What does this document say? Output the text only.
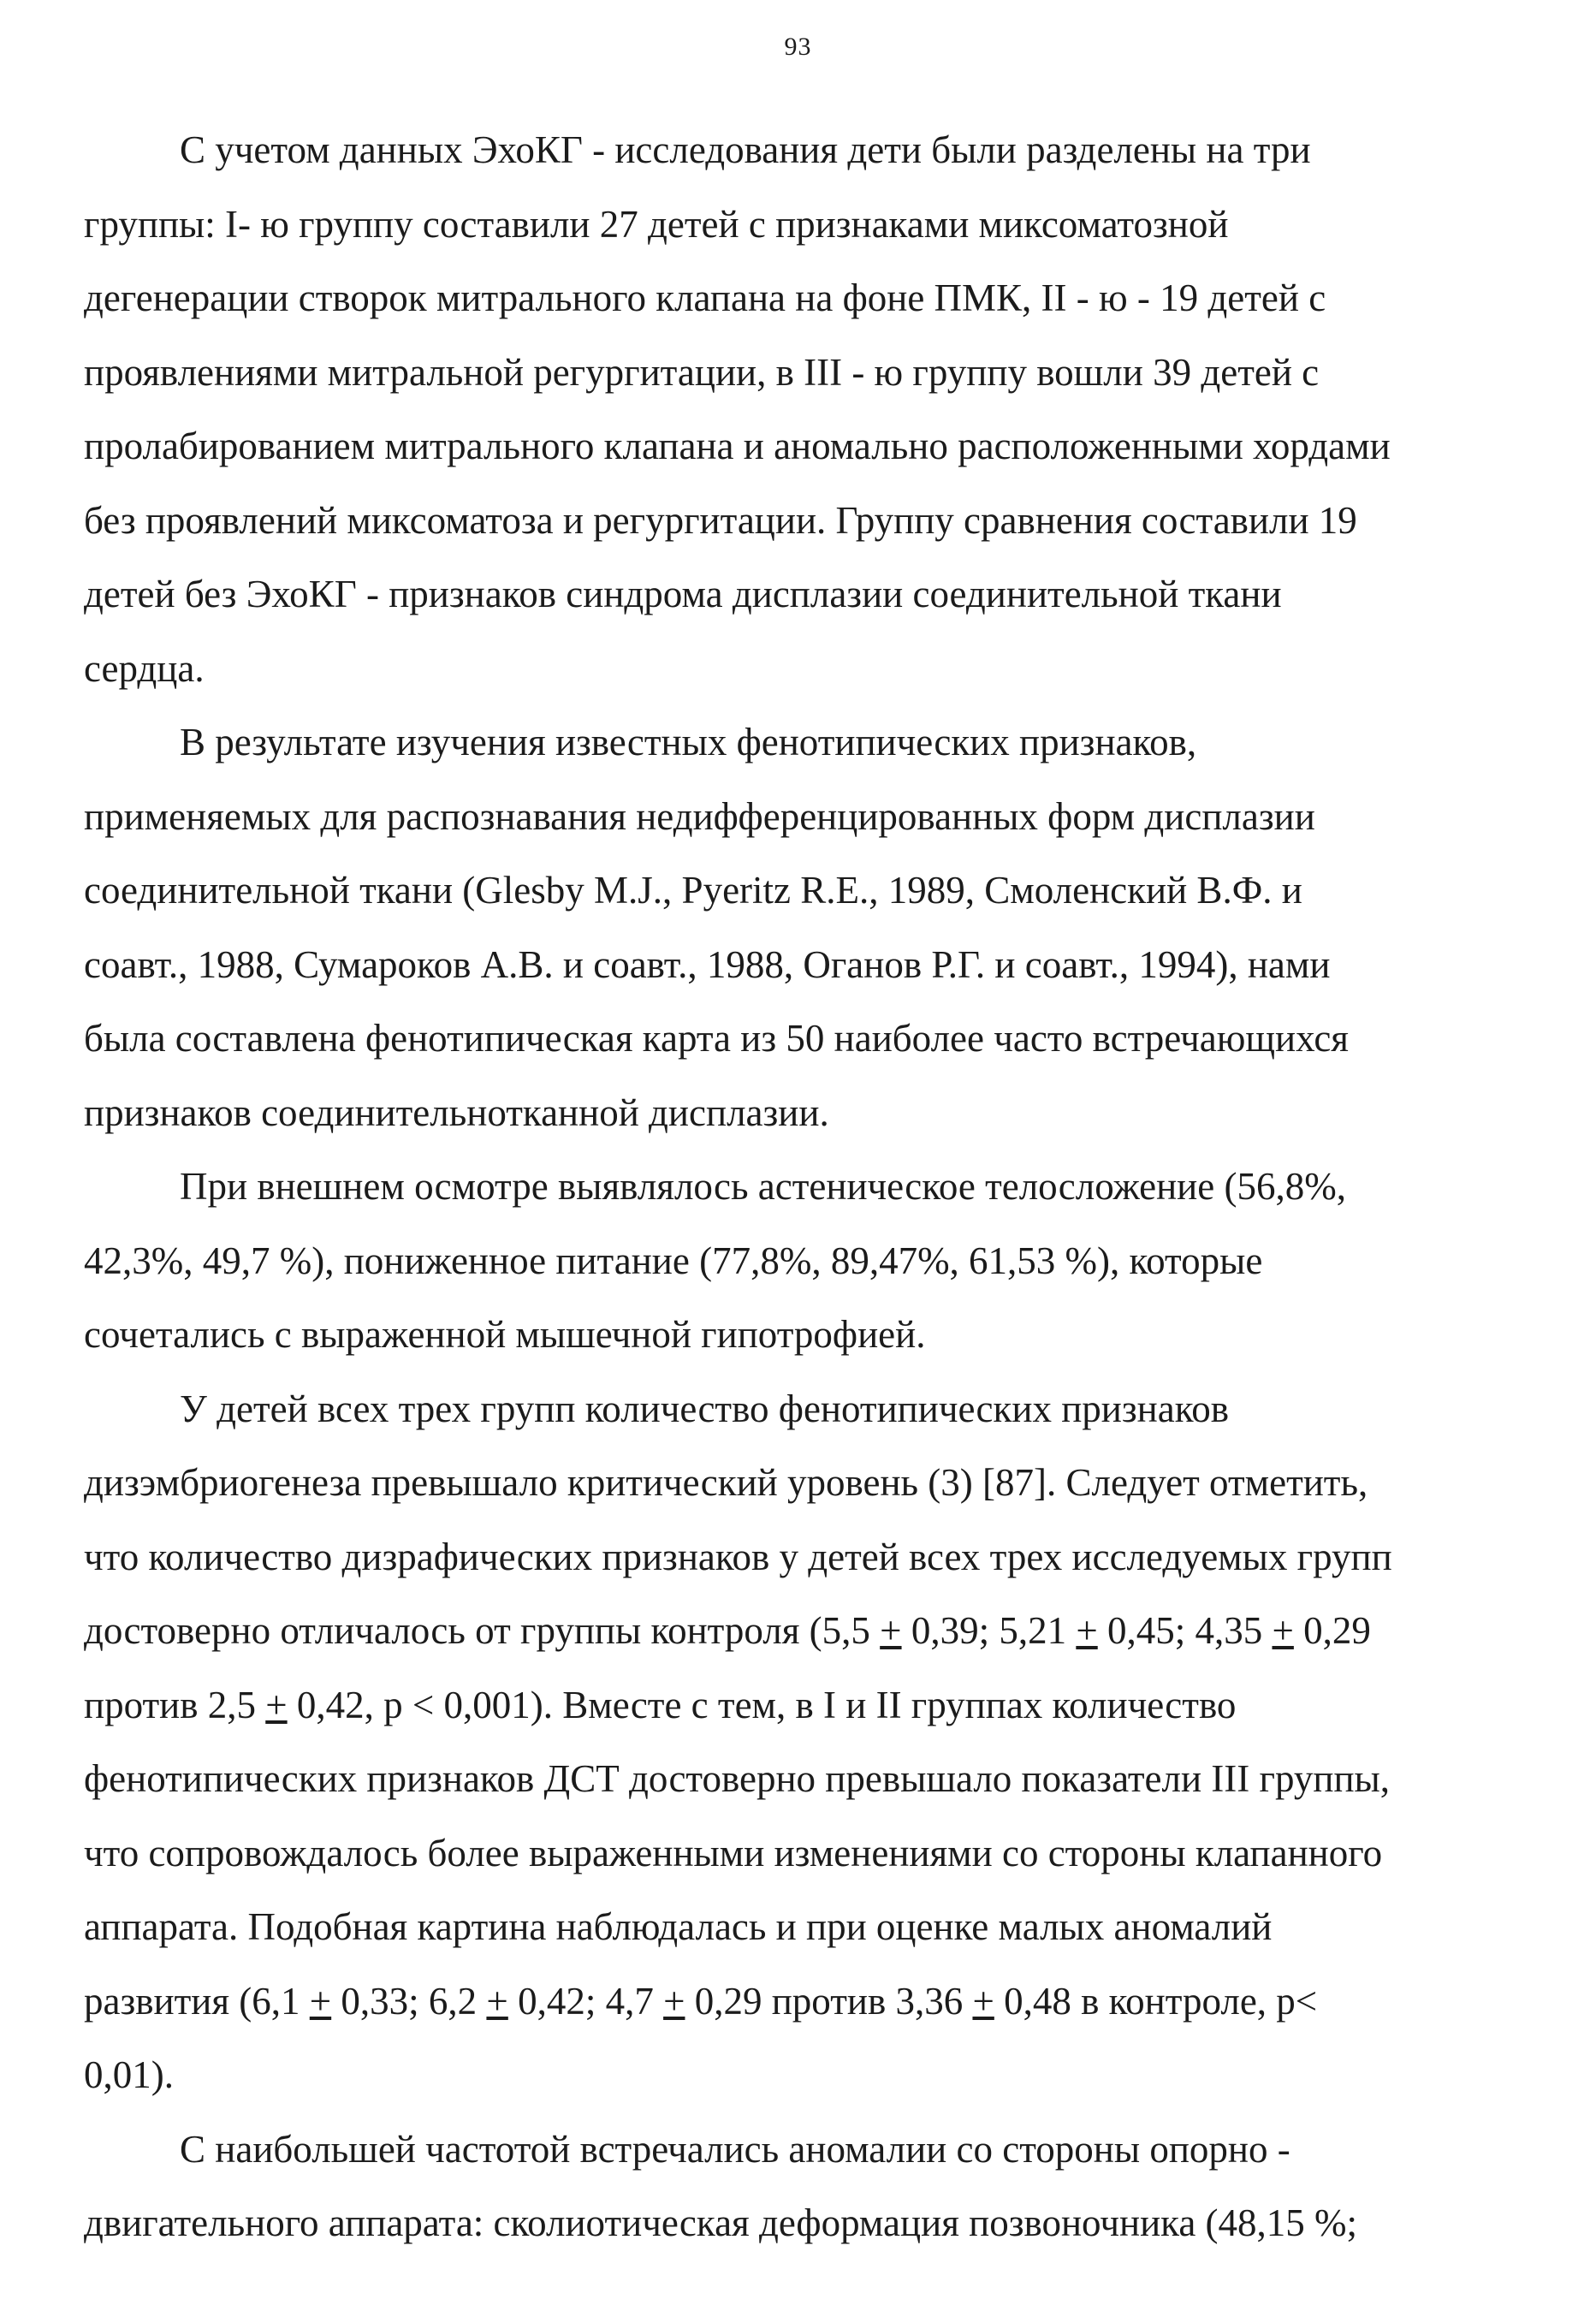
93
С учетом данных ЭхоКГ - исследования дети были разделены на три
группы: I- ю группу составили 27 детей с признаками миксоматозной
дегенерации створок митрального клапана на фоне ПМК, II - ю - 19 детей с
проявлениями митральной регургитации, в III - ю группу вошли 39 детей с
пролабированием митрального клапана и аномально расположенными хордами
без проявлений миксоматоза и регургитации. Группу сравнения составили 19
детей без ЭхоКГ - признаков синдрома дисплазии соединительной ткани
сердца.
В результате изучения известных фенотипических признаков,
применяемых для распознавания недифференцированных форм дисплазии
соединительной ткани (Glesby M.J., Pyeritz R.E., 1989, Смоленский В.Ф. и
соавт., 1988, Сумароков А.В. и соавт., 1988, Оганов Р.Г. и соавт., 1994), нами
была составлена фенотипическая карта из 50 наиболее часто встречающихся
признаков соединительнотканной дисплазии.
При внешнем осмотре выявлялось астеническое телосложение (56,8%,
42,3%, 49,7 %), пониженное питание (77,8%, 89,47%, 61,53 %), которые
сочетались с выраженной мышечной гипотрофией.
У детей всех трех групп количество фенотипических признаков
дизэмбриогенеза превышало критический уровень (3) [87]. Следует отметить,
что количество дизрафических признаков у детей всех трех исследуемых групп
достоверно отличалось от группы контроля (5,5 + 0,39; 5,21 + 0,45; 4,35 + 0,29
против 2,5 + 0,42, р < 0,001). Вместе с тем, в I и II группах количество
фенотипических признаков ДСТ достоверно превышало показатели III группы,
что сопровождалось более выраженными изменениями со стороны клапанного
аппарата. Подобная картина наблюдалась и при оценке малых аномалий
развития (6,1 + 0,33; 6,2 + 0,42; 4,7 + 0,29 против 3,36 + 0,48 в контроле, р<
0,01).
С наибольшей частотой встречались аномалии со стороны опорно -
двигательного аппарата: сколиотическая деформация позвоночника (48,15 %;
